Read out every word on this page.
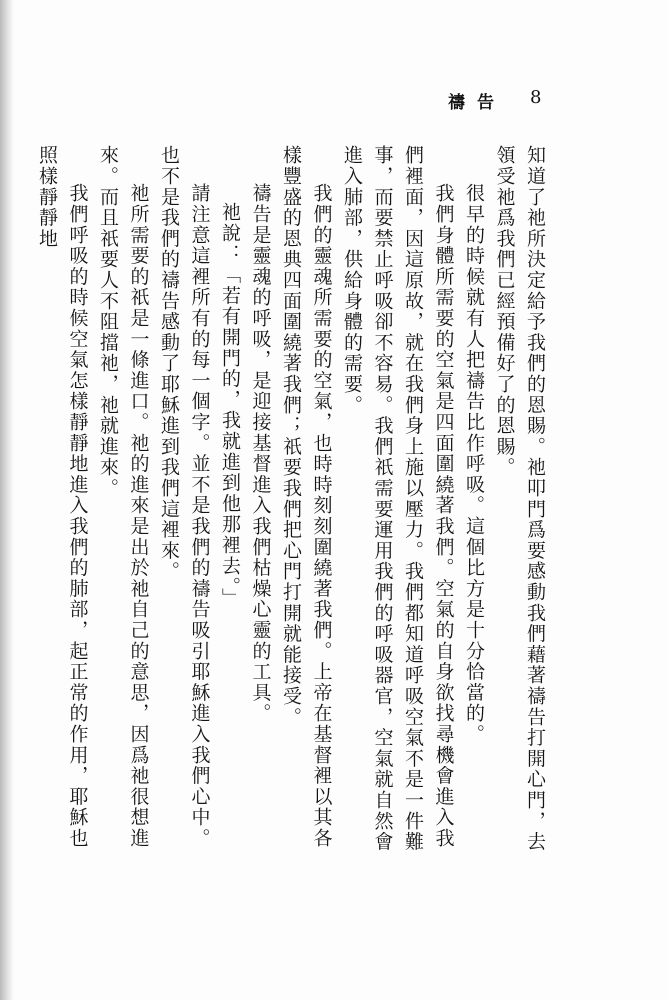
禱告 8

知道了祂所決定給予我們的恩賜。祂叩門爲要感動我們藉著禱告打開心門，去領受祂爲我們已經預備好了的恩賜。

很早的時候就有人把禱告比作呼吸。這個比方是十分恰當的。

我們身體所需要的空氣是四面圍繞著我們。空氣的自身欲找尋機會進入我們裡面，因這原故，就在我們身上施以壓力。我們都知道呼吸空氣不是一件難事，而要禁止呼吸卻不容易。我們祇需要運用我們的呼吸器官，空氣就自然會進入肺部，供給身體的需要。

我們的靈魂所需要的空氣，也時時刻刻圍繞著我們。上帝在基督裡以其各樣豐盛的恩典四面圍繞著我們；祇要我們把心門打開就能接受。

禱告是靈魂的呼吸，是迎接基督進入我們枯燥心靈的工具。

祂說：「若有開門的，我就進到他那裡去。」

請注意這裡所有的每一個字。並不是我們的禱告吸引耶穌進入我們心中。也不是我們的禱告感動了耶穌進到我們這裡來。

祂所需要的祇是一條進口。祂的進來是出於祂自己的意思，因爲祂很想進來。而且祇要人不阻擋祂，祂就進來。

我們呼吸的時候空氣怎樣靜靜地進入我們的肺部，起正常的作用，耶穌也照樣靜靜地
